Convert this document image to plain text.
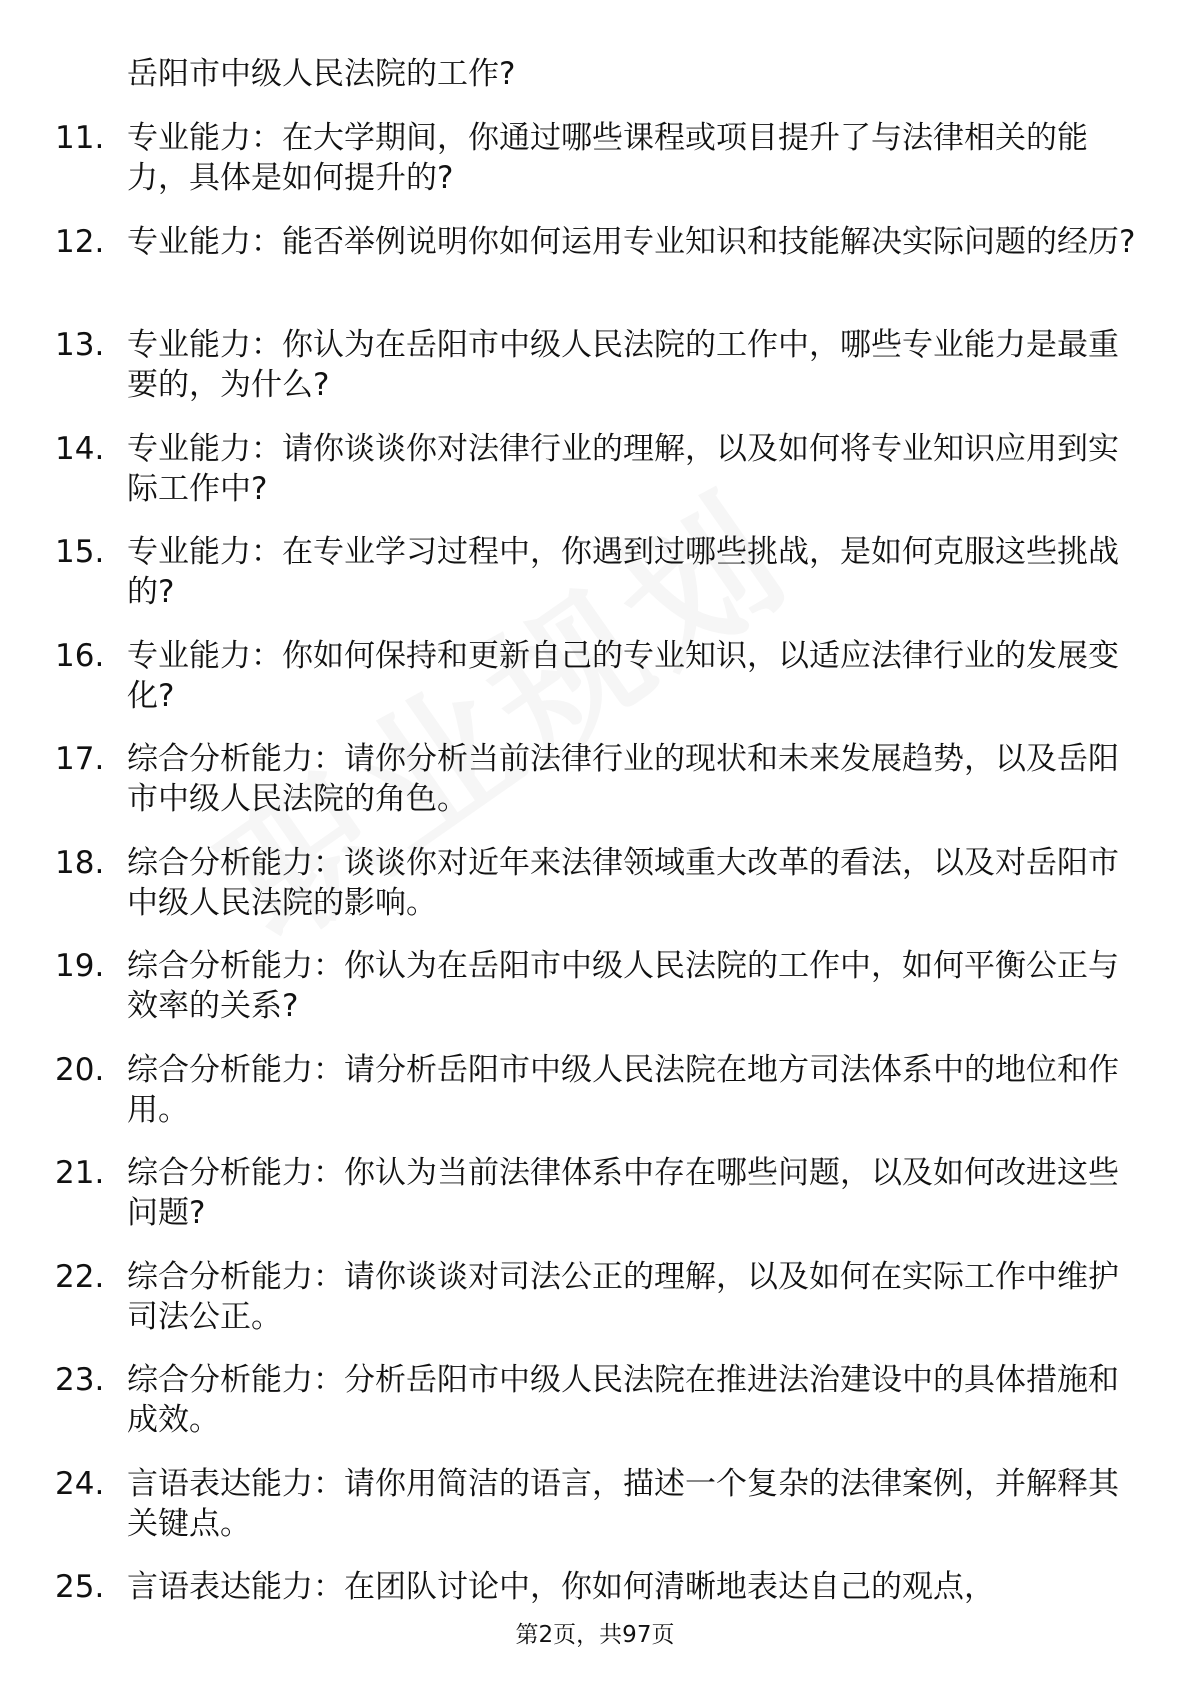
岳阳市中级人民法院的工作?
11. 专业能力：在大学期间，你通过哪些课程或项目提升了与法律相关的能力，具体是如何提升的?
12. 专业能力：能否举例说明你如何运用专业知识和技能解决实际问题的经历?
13. 专业能力：你认为在岳阳市中级人民法院的工作中，哪些专业能力是最重要的，为什么?
14. 专业能力：请你谈谈你对法律行业的理解，以及如何将专业知识应用到实际工作中?
15. 专业能力：在专业学习过程中，你遇到过哪些挑战，是如何克服这些挑战的?
16. 专业能力：你如何保持和更新自己的专业知识，以适应法律行业的发展变化?
17. 综合分析能力：请你分析当前法律行业的现状和未来发展趋势，以及岳阳市中级人民法院的角色。
18. 综合分析能力：谈谈你对近年来法律领域重大改革的看法，以及对岳阳市中级人民法院的影响。
19. 综合分析能力：你认为在岳阳市中级人民法院的工作中，如何平衡公正与效率的关系?
20. 综合分析能力：请分析岳阳市中级人民法院在地方司法体系中的地位和作用。
21. 综合分析能力：你认为当前法律体系中存在哪些问题，以及如何改进这些问题?
22. 综合分析能力：请你谈谈对司法公正的理解，以及如何在实际工作中维护司法公正。
23. 综合分析能力：分析岳阳市中级人民法院在推进法治建设中的具体措施和成效。
24. 言语表达能力：请你用简洁的语言，描述一个复杂的法律案例，并解释其关键点。
25. 言语表达能力：在团队讨论中，你如何清晰地表达自己的观点，
第2页，共97页
